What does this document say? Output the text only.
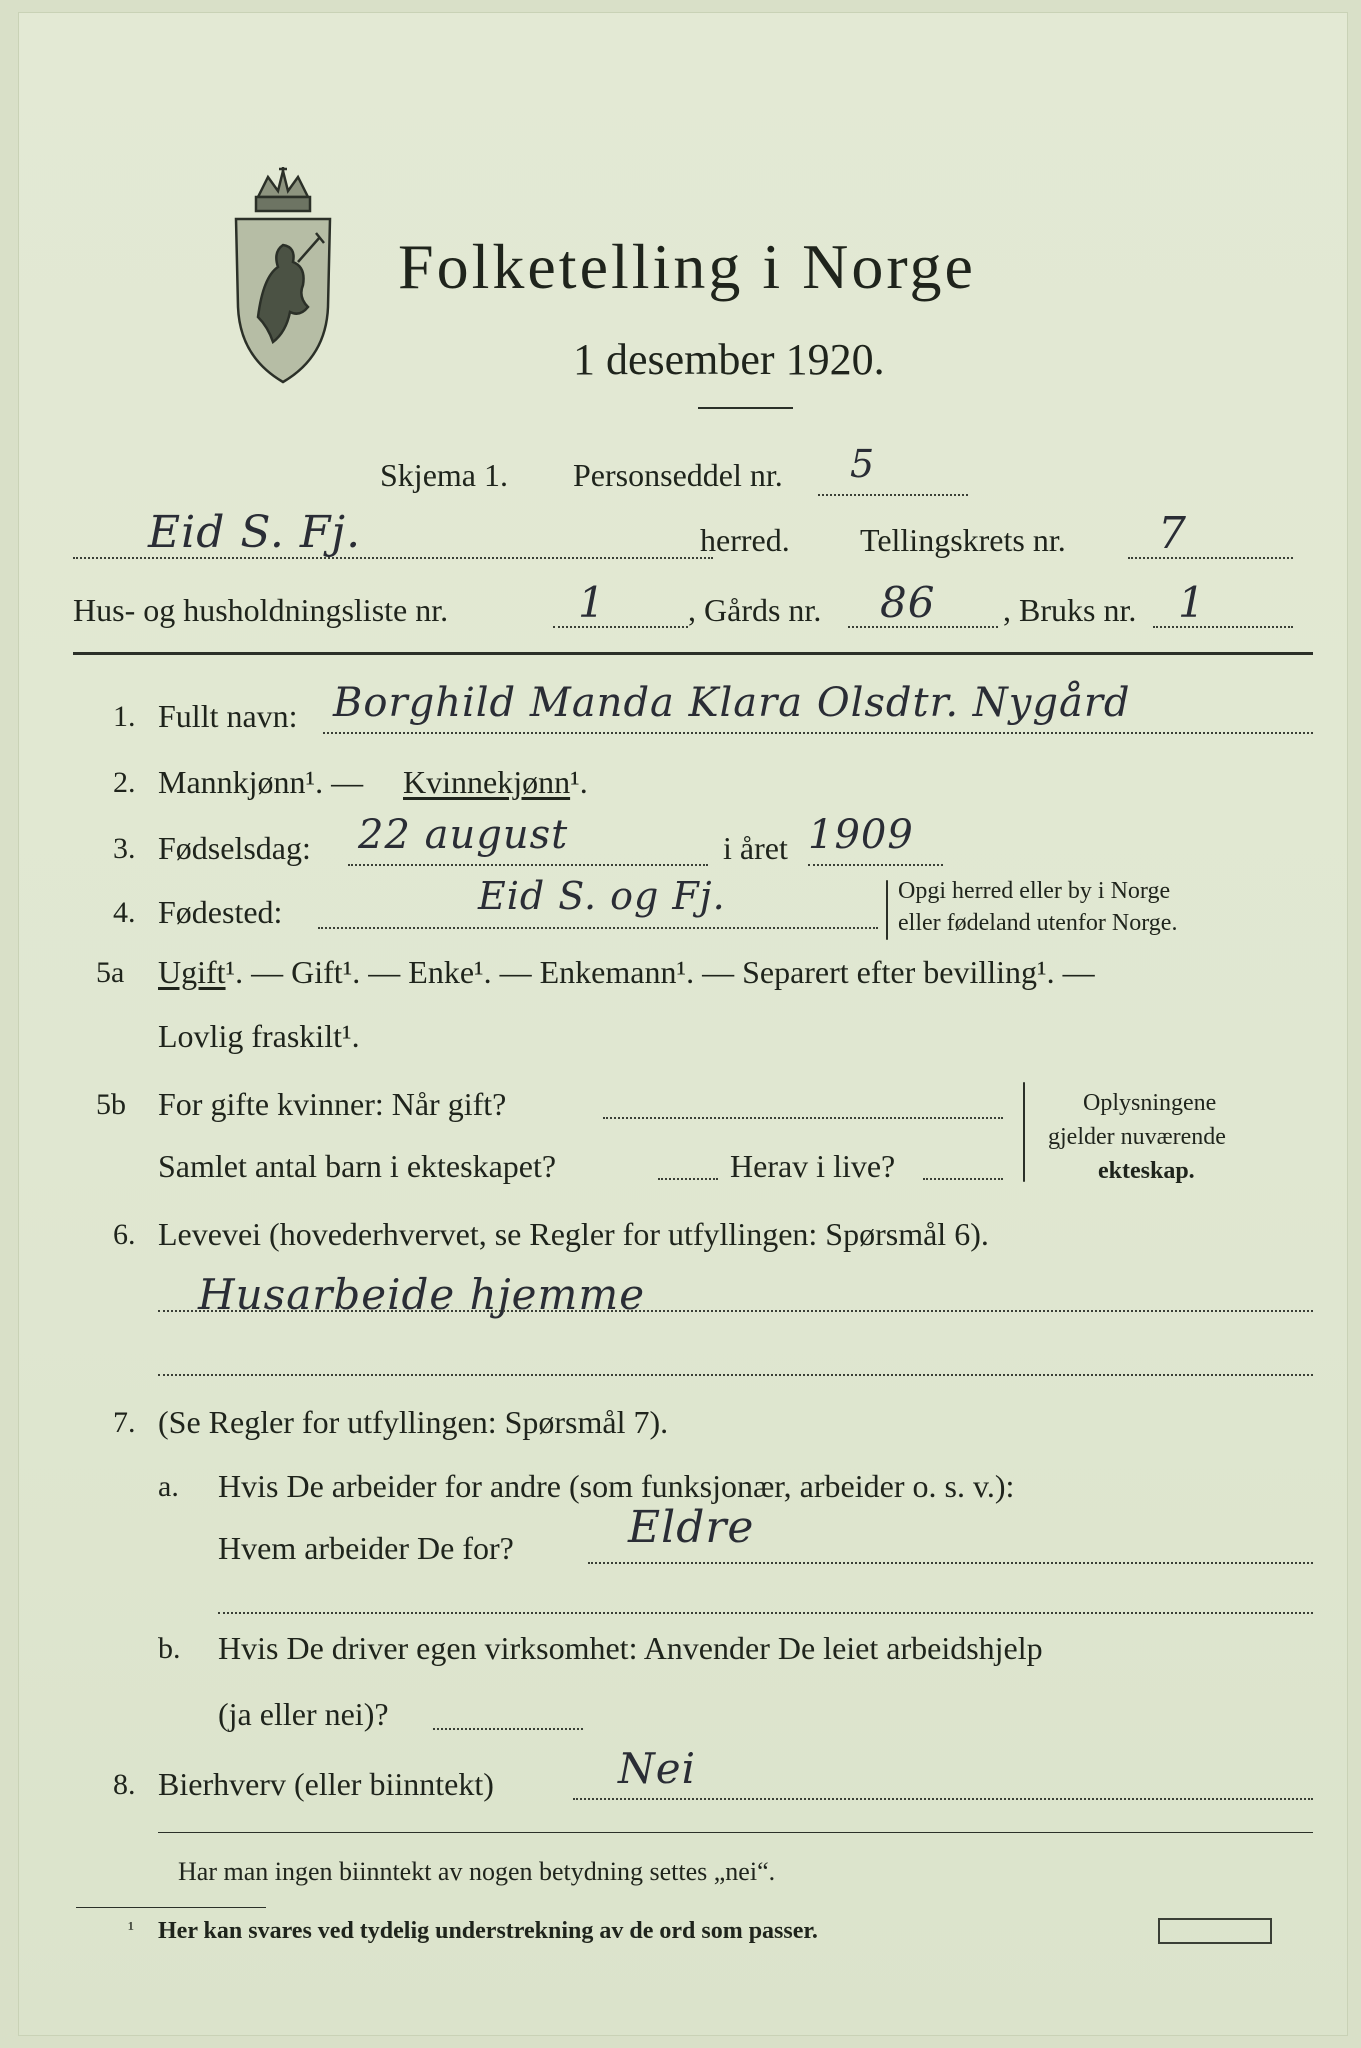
Folketelling i Norge
1 desember 1920.
Skjema 1. Personseddel nr. 5
Eid S. Fj.	herred. Tellingskrets nr. 7
Hus- og husholdningsliste nr.	1	, Gårds nr. 86 , Bruks nr. 1
1. Fullt navn: Borghild Manda Klara Olsdtr. Nygård
2. Mannkjønn¹. — Kvinnekjønn¹.
3. Fødselsdag: 22 august	i året 1909
4. Fødested:	Eid S. og Fj.	Opgi herred eller by i Norge
eller fødeland utenfor Norge.
5a Ugift¹. — Gift¹. — Enke¹. — Enkemann¹. — Separert efter bevilling¹. —
Lovlig fraskilt¹.
5b For gifte kvinner: Når gift?
Samlet antal barn i ekteskapet?	Herav i live?
Oplysningene
gjelder nuværende
ekteskap.
6. Levevei (hovederhvervet, se Regler for utfyllingen: Spørsmål 6).
Husarbeide hjemme
7. (Se Regler for utfyllingen: Spørsmål 7).
a. Hvis De arbeider for andre (som funksjonær, arbeider o. s. v.):
Hvem arbeider De for?	Eldre
b. Hvis De driver egen virksomhet: Anvender De leiet arbeidshjelp
(ja eller nei)?
8. Bierhverv (eller biinntekt)	Nei
Har man ingen biinntekt av nogen betydning settes „nei“.
¹ Her kan svares ved tydelig understrekning av de ord som passer.
